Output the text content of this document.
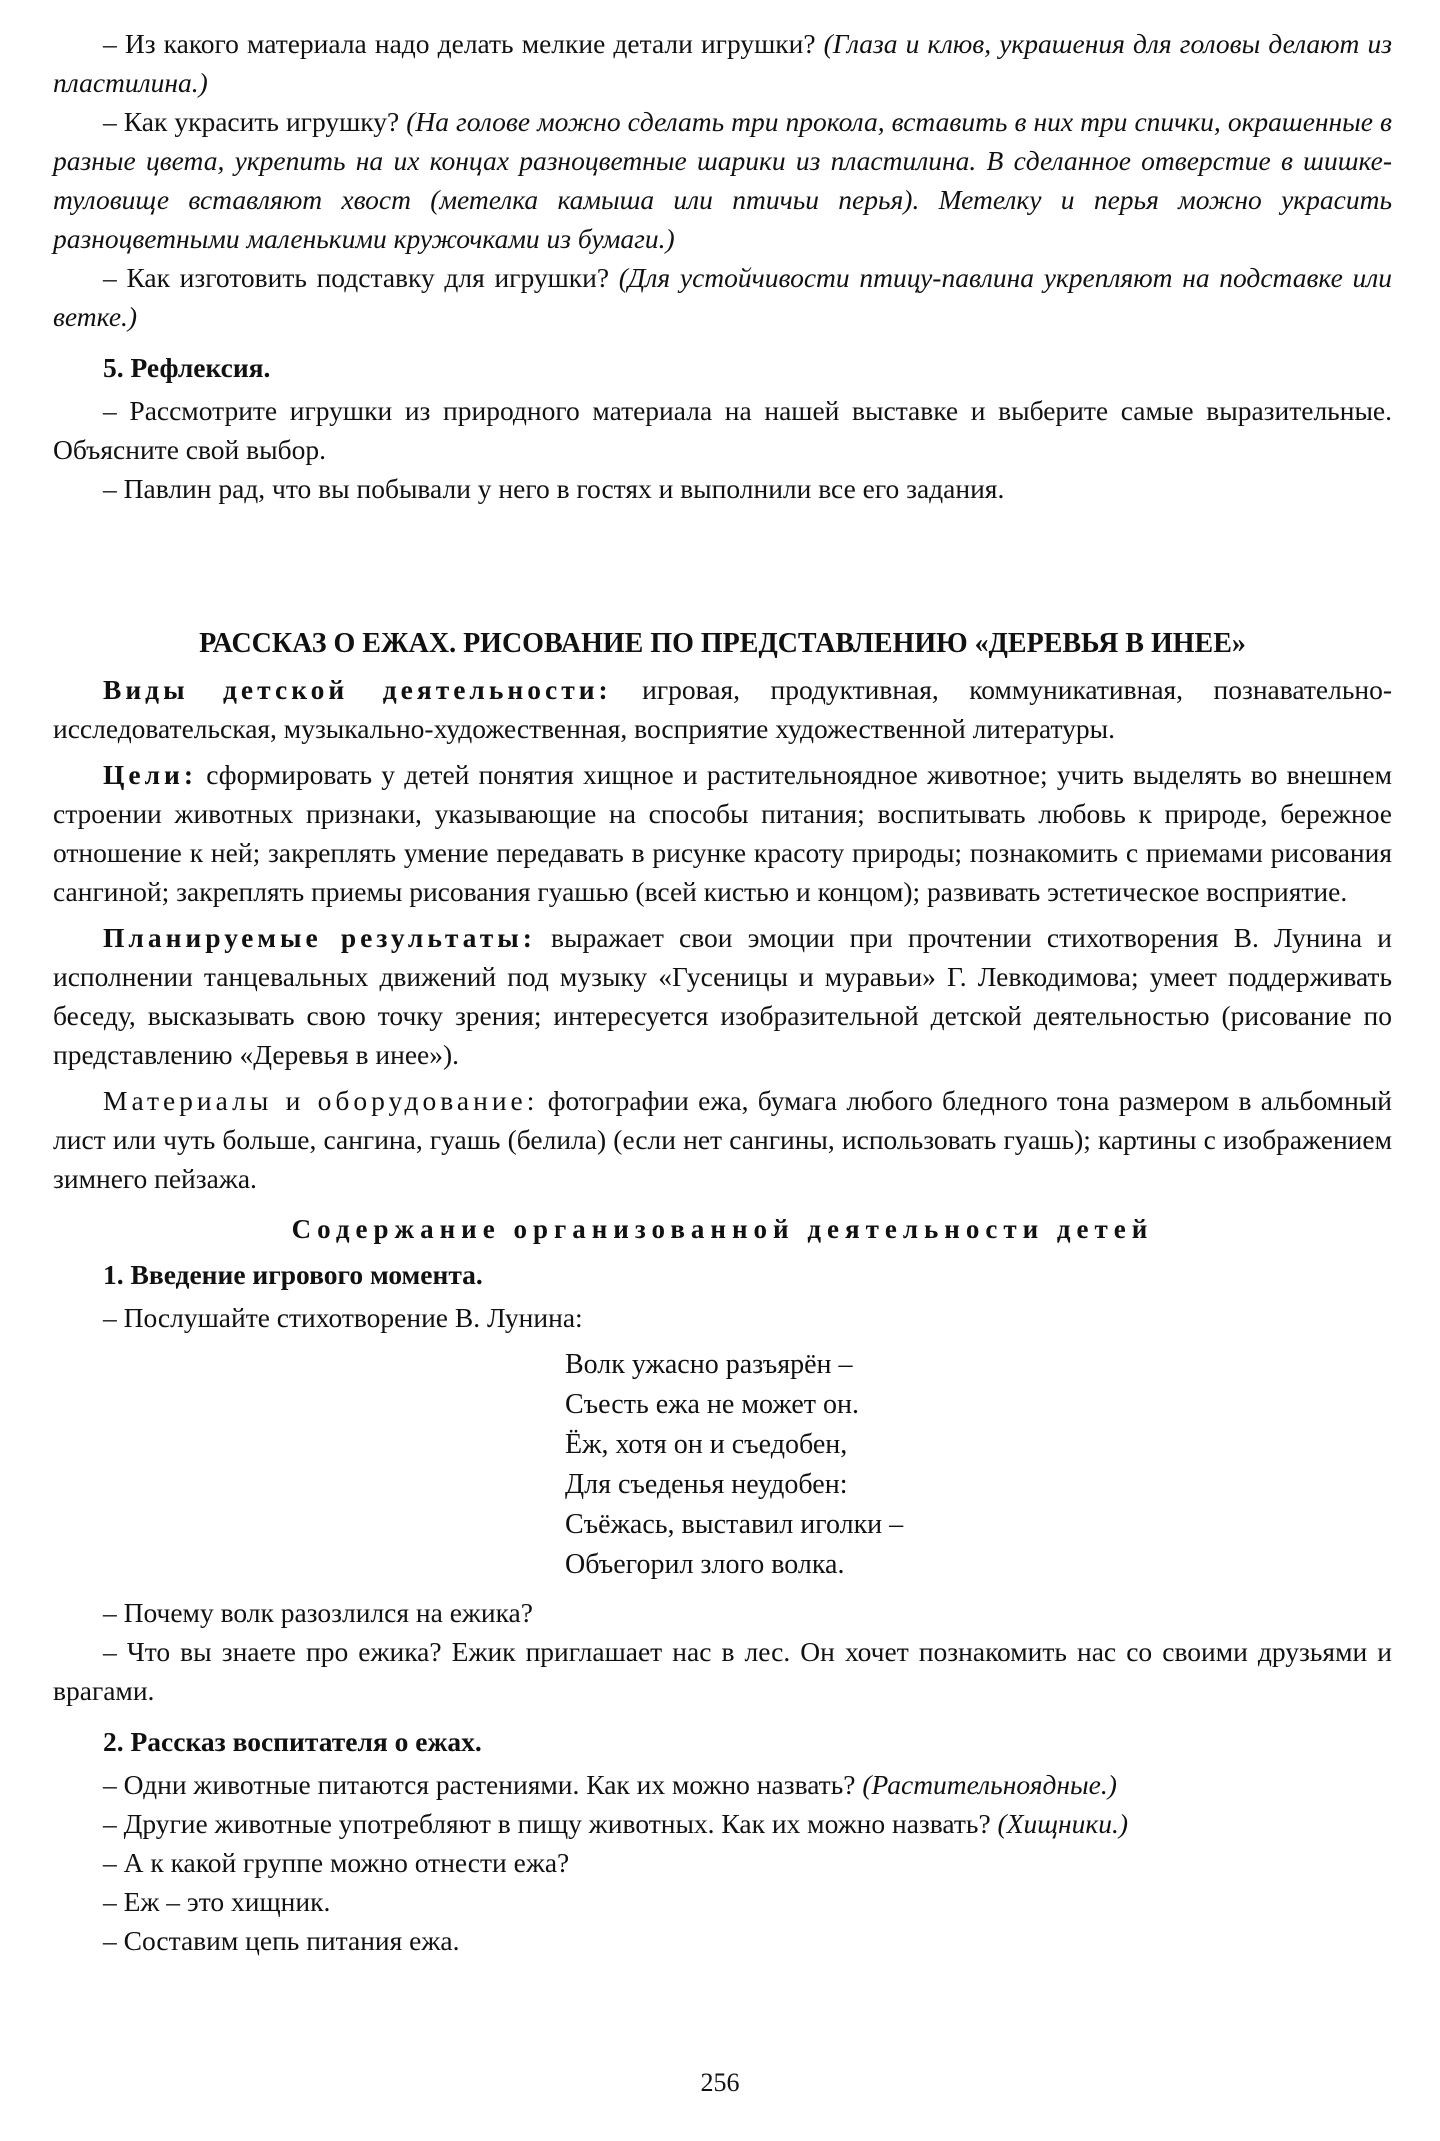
– Из какого материала надо делать мелкие детали игрушки? (Глаза и клюв, украшения для головы делают из пластилина.)

– Как украсить игрушку? (На голове можно сделать три прокола, вставить в них три спички, окрашенные в разные цвета, укрепить на их концах разноцветные шарики из пластилина. В сделанное отверстие в шишке-туловище вставляют хвост (метелка камыша или птичьи перья). Метелку и перья можно украсить разноцветными маленькими кружочками из бумаги.)

– Как изготовить подставку для игрушки? (Для устойчивости птицу-павлина укрепляют на подставке или ветке.)

5. Рефлексия.

– Рассмотрите игрушки из природного материала на нашей выставке и выберите самые выразительные. Объясните свой выбор.

– Павлин рад, что вы побывали у него в гостях и выполнили все его задания.

РАССКАЗ О ЕЖАХ. РИСОВАНИЕ ПО ПРЕДСТАВЛЕНИЮ «ДЕРЕВЬЯ В ИНЕЕ»

Виды детской деятельности: игровая, продуктивная, коммуникативная, познавательно-исследовательская, музыкально-художественная, восприятие художественной литературы.

Цели: сформировать у детей понятия хищное и растительноядное животное; учить выделять во внешнем строении животных признаки, указывающие на способы питания; воспитывать любовь к природе, бережное отношение к ней; закреплять умение передавать в рисунке красоту природы; познакомить с приемами рисования сангиной; закреплять приемы рисования гуашью (всей кистью и концом); развивать эстетическое восприятие.

Планируемые результаты: выражает свои эмоции при прочтении стихотворения В. Лунина и исполнении танцевальных движений под музыку «Гусеницы и муравьи» Г. Левкодимова; умеет поддерживать беседу, высказывать свою точку зрения; интересуется изобразительной детской деятельностью (рисование по представлению «Деревья в инее»).

Материалы и оборудование: фотографии ежа, бумага любого бледного тона размером в альбомный лист или чуть больше, сангина, гуашь (белила) (если нет сангины, использовать гуашь); картины с изображением зимнего пейзажа.

Содержание организованной деятельности детей

1. Введение игрового момента.

– Послушайте стихотворение В. Лунина:

Волк ужасно разъярён –
Съесть ежа не может он.
Ёж, хотя он и съедобен,
Для съеденья неудобен:
Съёжась, выставил иголки –
Объегорил злого волка.

– Почему волк разозлился на ежика?

– Что вы знаете про ежика? Ежик приглашает нас в лес. Он хочет познакомить нас со своими друзьями и врагами.

2. Рассказ воспитателя о ежах.

– Одни животные питаются растениями. Как их можно назвать? (Растительноядные.)

– Другие животные употребляют в пищу животных. Как их можно назвать? (Хищники.)

– А к какой группе можно отнести ежа?

– Еж – это хищник.

– Составим цепь питания ежа.

256
